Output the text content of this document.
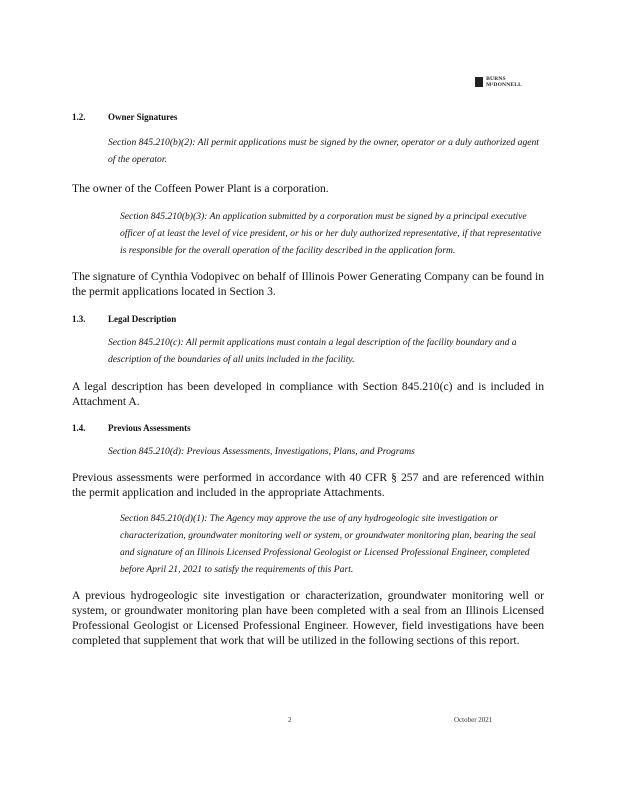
BURNS
M²DONNELL
1.2.	Owner Signatures

Section 845.210(b)(2): All permit applications must be signed by the owner, operator or a duly authorized agent of the operator.

The owner of the Coffeen Power Plant is a corporation.

Section 845.210(b)(3): An application submitted by a corporation must be signed by a principal executive officer of at least the level of vice president, or his or her duly authorized representative, if that representative is responsible for the overall operation of the facility described in the application form.

The signature of Cynthia Vodopivec on behalf of Illinois Power Generating Company can be found in the permit applications located in Section 3.

1.3.	Legal Description

Section 845.210(c): All permit applications must contain a legal description of the facility boundary and a description of the boundaries of all units included in the facility.

A legal description has been developed in compliance with Section 845.210(c) and is included in Attachment A.

1.4.	Previous Assessments

Section 845.210(d): Previous Assessments, Investigations, Plans, and Programs

Previous assessments were performed in accordance with 40 CFR § 257 and are referenced within the permit application and included in the appropriate Attachments.

Section 845.210(d)(1): The Agency may approve the use of any hydrogeologic site investigation or characterization, groundwater monitoring well or system, or groundwater monitoring plan, bearing the seal and signature of an Illinois Licensed Professional Geologist or Licensed Professional Engineer, completed before April 21, 2021 to satisfy the requirements of this Part.

A previous hydrogeologic site investigation or characterization, groundwater monitoring well or system, or groundwater monitoring plan have been completed with a seal from an Illinois Licensed Professional Geologist or Licensed Professional Engineer. However, field investigations have been completed that supplement that work that will be utilized in the following sections of this report.

2	October 2021
